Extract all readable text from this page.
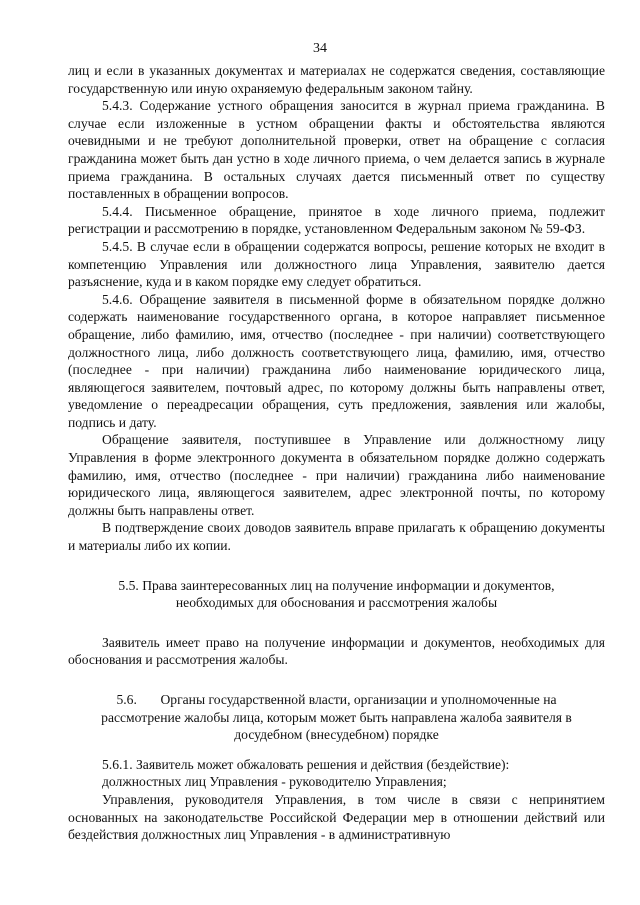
34

лиц и если в указанных документах и материалах не содержатся сведения, составляющие государственную или иную охраняемую федеральным законом тайну.

5.4.3. Содержание устного обращения заносится в журнал приема гражданина. В случае если изложенные в устном обращении факты и обстоятельства являются очевидными и не требуют дополнительной проверки, ответ на обращение с согласия гражданина может быть дан устно в ходе личного приема, о чем делается запись в журнале приема гражданина. В остальных случаях дается письменный ответ по существу поставленных в обращении вопросов.

5.4.4. Письменное обращение, принятое в ходе личного приема, подлежит регистрации и рассмотрению в порядке, установленном Федеральным законом № 59-ФЗ.

5.4.5. В случае если в обращении содержатся вопросы, решение которых не входит в компетенцию Управления или должностного лица Управления, заявителю дается разъяснение, куда и в каком порядке ему следует обратиться.

5.4.6. Обращение заявителя в письменной форме в обязательном порядке должно содержать наименование государственного органа, в которое направляет письменное обращение, либо фамилию, имя, отчество (последнее - при наличии) соответствующего должностного лица, либо должность соответствующего лица, фамилию, имя, отчество (последнее - при наличии) гражданина либо наименование юридического лица, являющегося заявителем, почтовый адрес, по которому должны быть направлены ответ, уведомление о переадресации обращения, суть предложения, заявления или жалобы, подпись и дату.

Обращение заявителя, поступившее в Управление или должностному лицу Управления в форме электронного документа в обязательном порядке должно содержать фамилию, имя, отчество (последнее - при наличии) гражданина либо наименование юридического лица, являющегося заявителем, адрес электронной почты, по которому должны быть направлены ответ.

В подтверждение своих доводов заявитель вправе прилагать к обращению документы и материалы либо их копии.

5.5. Права заинтересованных лиц на получение информации и документов, необходимых для обоснования и рассмотрения жалобы

Заявитель имеет право на получение информации и документов, необходимых для обоснования и рассмотрения жалобы.

5.6. Органы государственной власти, организации и уполномоченные на рассмотрение жалобы лица, которым может быть направлена жалоба заявителя в досудебном (внесудебном) порядке

5.6.1. Заявитель может обжаловать решения и действия (бездействие):

должностных лиц Управления - руководителю Управления;

Управления, руководителя Управления, в том числе в связи с непринятием основанных на законодательстве Российской Федерации мер в отношении действий или бездействия должностных лиц Управления - в административную
